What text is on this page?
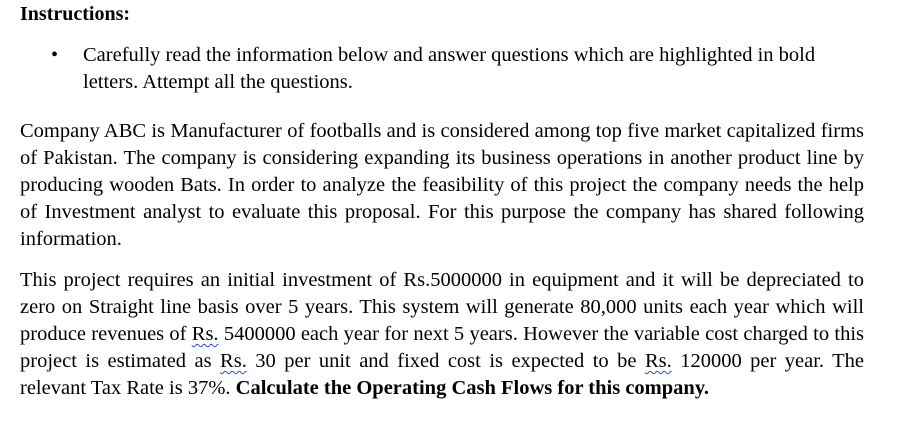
Instructions:
• Carefully read the information below and answer questions which are highlighted in bold letters. Attempt all the questions.

Company ABC is Manufacturer of footballs and is considered among top five market capitalized firms of Pakistan. The company is considering expanding its business operations in another product line by producing wooden Bats. In order to analyze the feasibility of this project the company needs the help of Investment analyst to evaluate this proposal. For this purpose the company has shared following information.

This project requires an initial investment of Rs.5000000 in equipment and it will be depreciated to zero on Straight line basis over 5 years. This system will generate 80,000 units each year which will produce revenues of Rs. 5400000 each year for next 5 years. However the variable cost charged to this project is estimated as Rs. 30 per unit and fixed cost is expected to be Rs. 120000 per year. The relevant Tax Rate is 37%. Calculate the Operating Cash Flows for this company.
